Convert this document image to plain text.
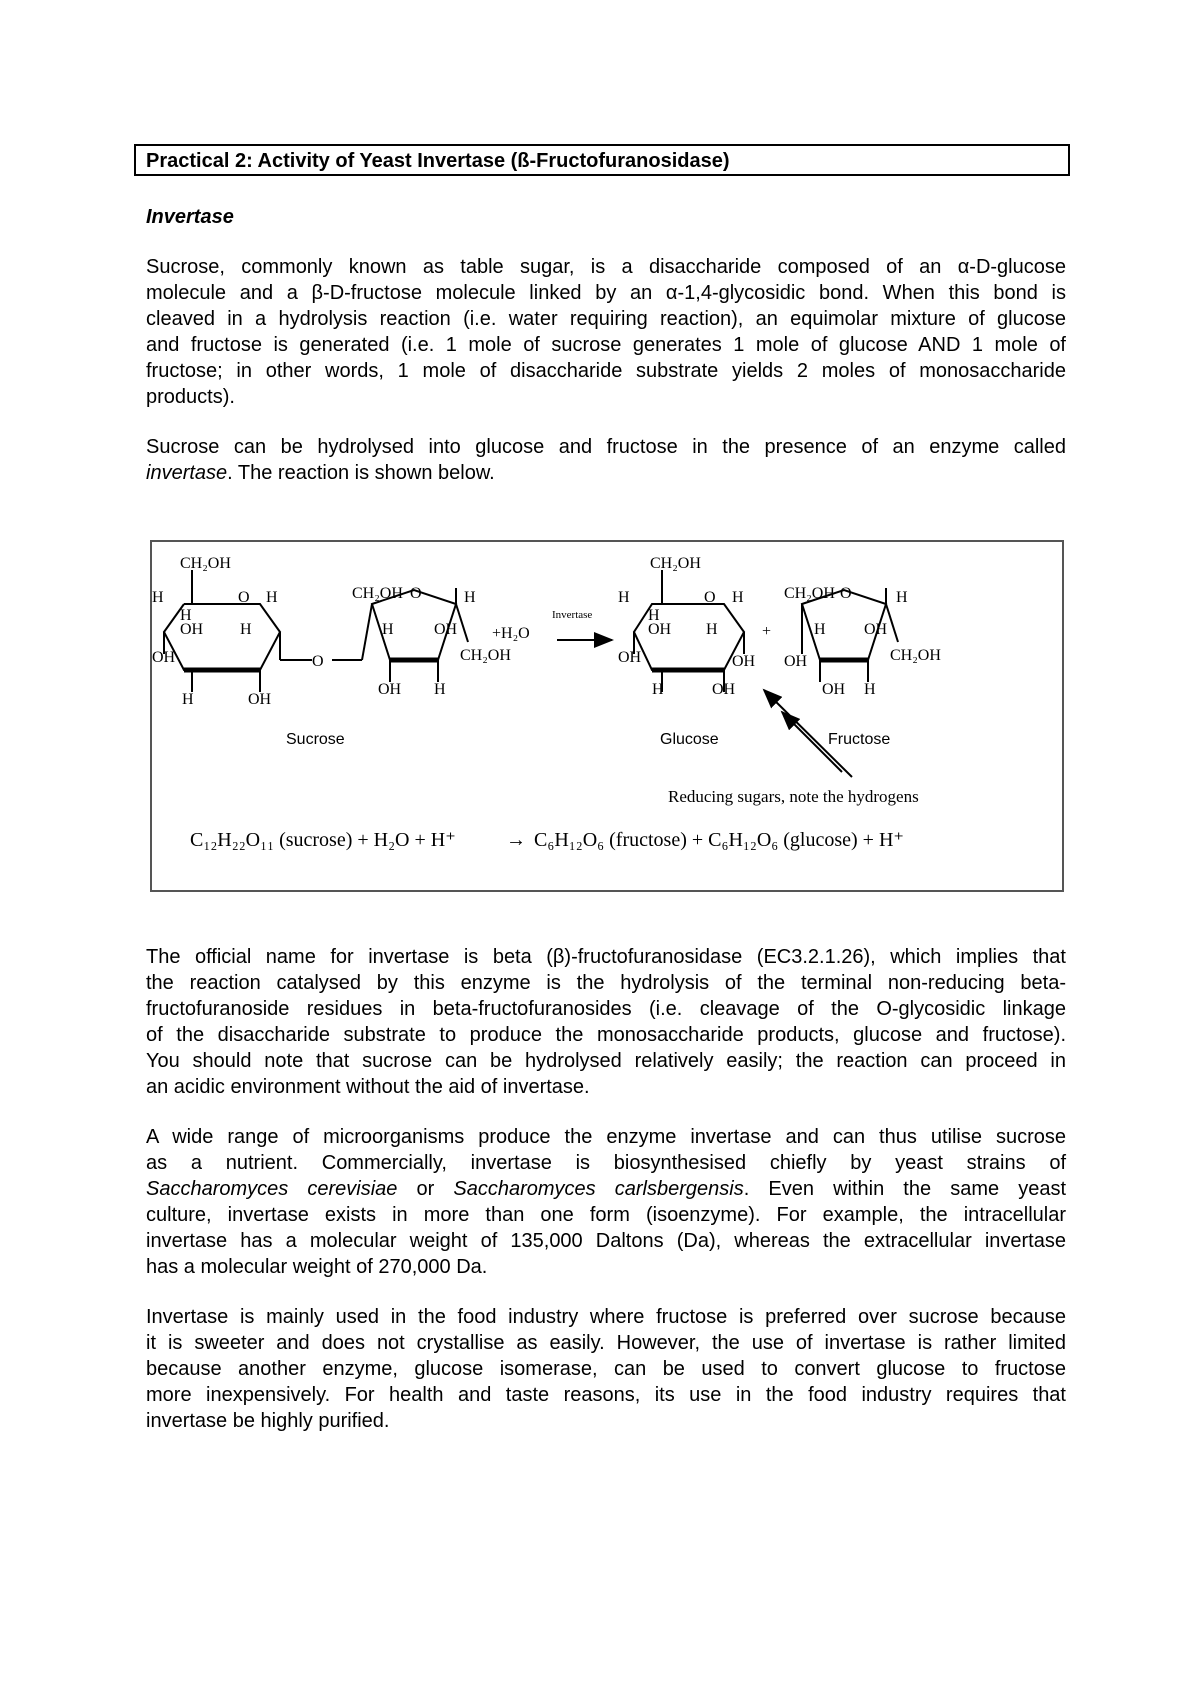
Practical 2: Activity of Yeast Invertase (ß-Fructofuranosidase)
Invertase

Sucrose, commonly known as table sugar, is a disaccharide composed of an α-D-glucose
molecule and a β-D-fructose molecule linked by an α-1,4-glycosidic bond. When this bond is
cleaved in a hydrolysis reaction (i.e. water requiring reaction), an equimolar mixture of glucose
and fructose is generated (i.e. 1 mole of sucrose generates 1 mole of glucose AND 1 mole of
fructose; in other words, 1 mole of disaccharide substrate yields 2 moles of monosaccharide
products).

Sucrose can be hydrolysed into glucose and fructose in the presence of an enzyme called
invertase. The reaction is shown below.

CH₂OH
H	O H
H
OH H
OH
H	OH
O
CH₂OH O	H
H	OH
CH₂OH
OH H
+H₂O
Invertase
CH₂OH
H	O H
H
OH H
OH	OH
H	OH
+
CH₂OH O	H
H OH
CH₂OH
OH
OH H
Sucrose	Glucose	Fructose
Reducing sugars, note the hydrogens
C₁₂H₂₂O₁₁ (sucrose) + H₂O + H⁺	→ C₆H₁₂O₆ (fructose) + C₆H₁₂O₆ (glucose) + H⁺

The official name for invertase is beta (β)-fructofuranosidase (EC3.2.1.26), which implies that
the reaction catalysed by this enzyme is the hydrolysis of the terminal non-reducing beta-
fructofuranoside residues in beta-fructofuranosides (i.e. cleavage of the O-glycosidic linkage
of the disaccharide substrate to produce the monosaccharide products, glucose and fructose).
You should note that sucrose can be hydrolysed relatively easily; the reaction can proceed in
an acidic environment without the aid of invertase.

A wide range of microorganisms produce the enzyme invertase and can thus utilise sucrose
as a nutrient. Commercially, invertase is biosynthesised chiefly by yeast strains of
Saccharomyces cerevisiae or Saccharomyces carlsbergensis. Even within the same yeast
culture, invertase exists in more than one form (isoenzyme). For example, the intracellular
invertase has a molecular weight of 135,000 Daltons (Da), whereas the extracellular invertase
has a molecular weight of 270,000 Da.

Invertase is mainly used in the food industry where fructose is preferred over sucrose because
it is sweeter and does not crystallise as easily. However, the use of invertase is rather limited
because another enzyme, glucose isomerase, can be used to convert glucose to fructose
more inexpensively. For health and taste reasons, its use in the food industry requires that
invertase be highly purified.
